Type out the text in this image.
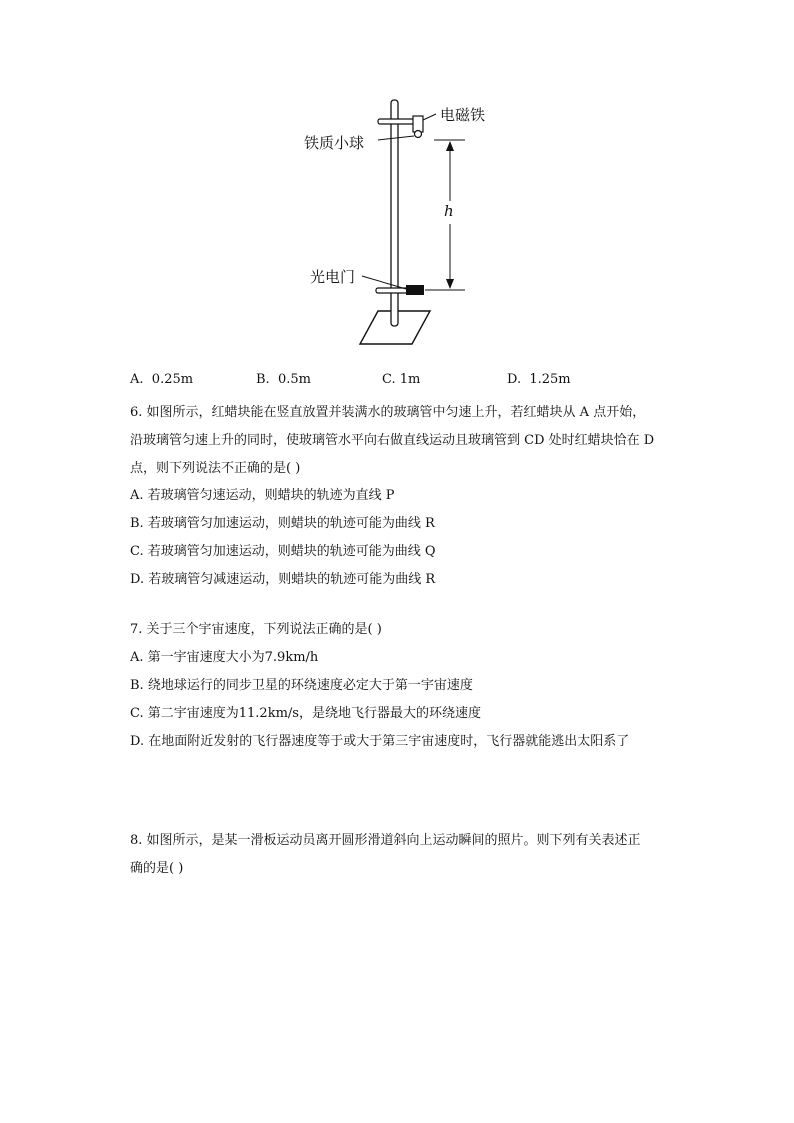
电磁铁
铁质小球
h
光电门
A. 0.25m	B. 0.5m	C. 1m	D. 1.25m
6. 如图所示，红蜡块能在竖直放置并装满水的玻璃管中匀速上升，若红蜡块从 A 点开始，
沿玻璃管匀速上升的同时，使玻璃管水平向右做直线运动且玻璃管到 CD 处时红蜡块恰在 D
点，则下列说法不正确的是( )
A. 若玻璃管匀速运动，则蜡块的轨迹为直线 P
B. 若玻璃管匀加速运动，则蜡块的轨迹可能为曲线 R
C. 若玻璃管匀加速运动，则蜡块的轨迹可能为曲线 Q
D. 若玻璃管匀减速运动，则蜡块的轨迹可能为曲线 R
7. 关于三个宇宙速度，下列说法正确的是( )
A. 第一宇宙速度大小为7.9km/h
B. 绕地球运行的同步卫星的环绕速度必定大于第一宇宙速度
C. 第二宇宙速度为11.2km/s，是绕地飞行器最大的环绕速度
D. 在地面附近发射的飞行器速度等于或大于第三宇宙速度时，飞行器就能逃出太阳系了
8. 如图所示，是某一滑板运动员离开圆形滑道斜向上运动瞬间的照片。则下列有关表述正
确的是( )
